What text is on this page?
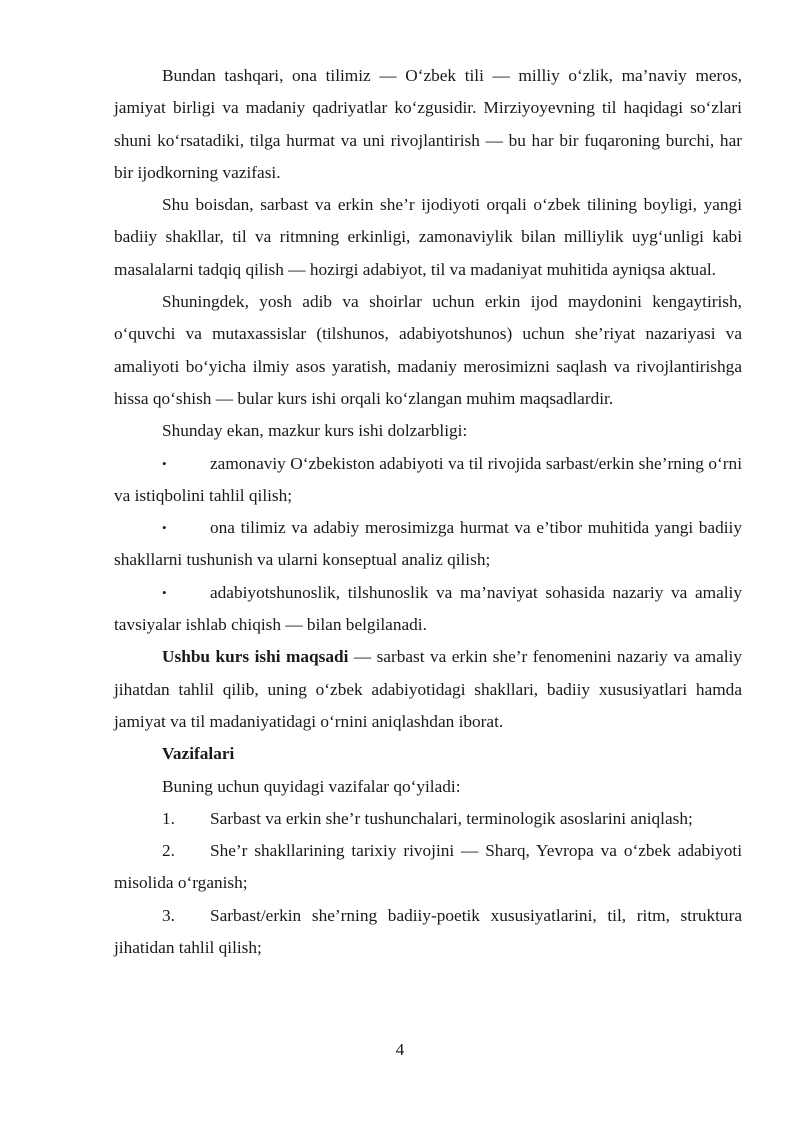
Bundan tashqari, ona tilimiz — O‘zbek tili — milliy o‘zlik, ma’naviy meros, jamiyat birligi va madaniy qadriyatlar ko‘zgusidir. Mirziyoyevning til haqidagi so‘zlari shuni ko‘rsatadiki, tilga hurmat va uni rivojlantirish — bu har bir fuqaroning burchi, har bir ijodkorning vazifasi.

Shu boisdan, sarbast va erkin she’r ijodiyoti orqali o‘zbek tilining boyligi, yangi badiiy shakllar, til va ritmning erkinligi, zamonaviylik bilan milliylik uyg‘unligi kabi masalalarni tadqiq qilish — hozirgi adabiyot, til va madaniyat muhitida ayniqsa aktual.

Shuningdek, yosh adib va shoirlar uchun erkin ijod maydonini kengaytirish, o‘quvchi va mutaxassislar (tilshunos, adabiyotshunos) uchun she’riyat nazariyasi va amaliyoti bo‘yicha ilmiy asos yaratish, madaniy merosimizni saqlash va rivojlantirishga hissa qo‘shish — bular kurs ishi orqali ko‘zlangan muhim maqsadlardir.

Shunday ekan, mazkur kurs ishi dolzarbligi:

•	zamonaviy O‘zbekiston adabiyoti va til rivojida sarbast/erkin she’rning o‘rni va istiqbolini tahlil qilish;

•	ona tilimiz va adabiy merosimizga hurmat va e’tibor muhitida yangi badiiy shakllarni tushunish va ularni konseptual analiz qilish;

•	adabiyotshunoslik, tilshunoslik va ma’naviyat sohasida nazariy va amaliy tavsiyalar ishlab chiqish — bilan belgilanadi.

Ushbu kurs ishi maqsadi — sarbast va erkin she’r fenomenini nazariy va amaliy jihatdan tahlil qilib, uning o‘zbek adabiyotidagi shakllari, badiiy xususiyatlari hamda jamiyat va til madaniyatidagi o‘rnini aniqlashdan iborat.

Vazifalari

Buning uchun quyidagi vazifalar qo‘yiladi:

1. Sarbast va erkin she’r tushunchalari, terminologik asoslarini aniqlash;

2. She’r shakllarining tarixiy rivojini — Sharq, Yevropa va o‘zbek adabiyoti misolida o‘rganish;

3. Sarbast/erkin she’rning badiiy-poetik xususiyatlarini, til, ritm, struktura jihatidan tahlil qilish;

4
